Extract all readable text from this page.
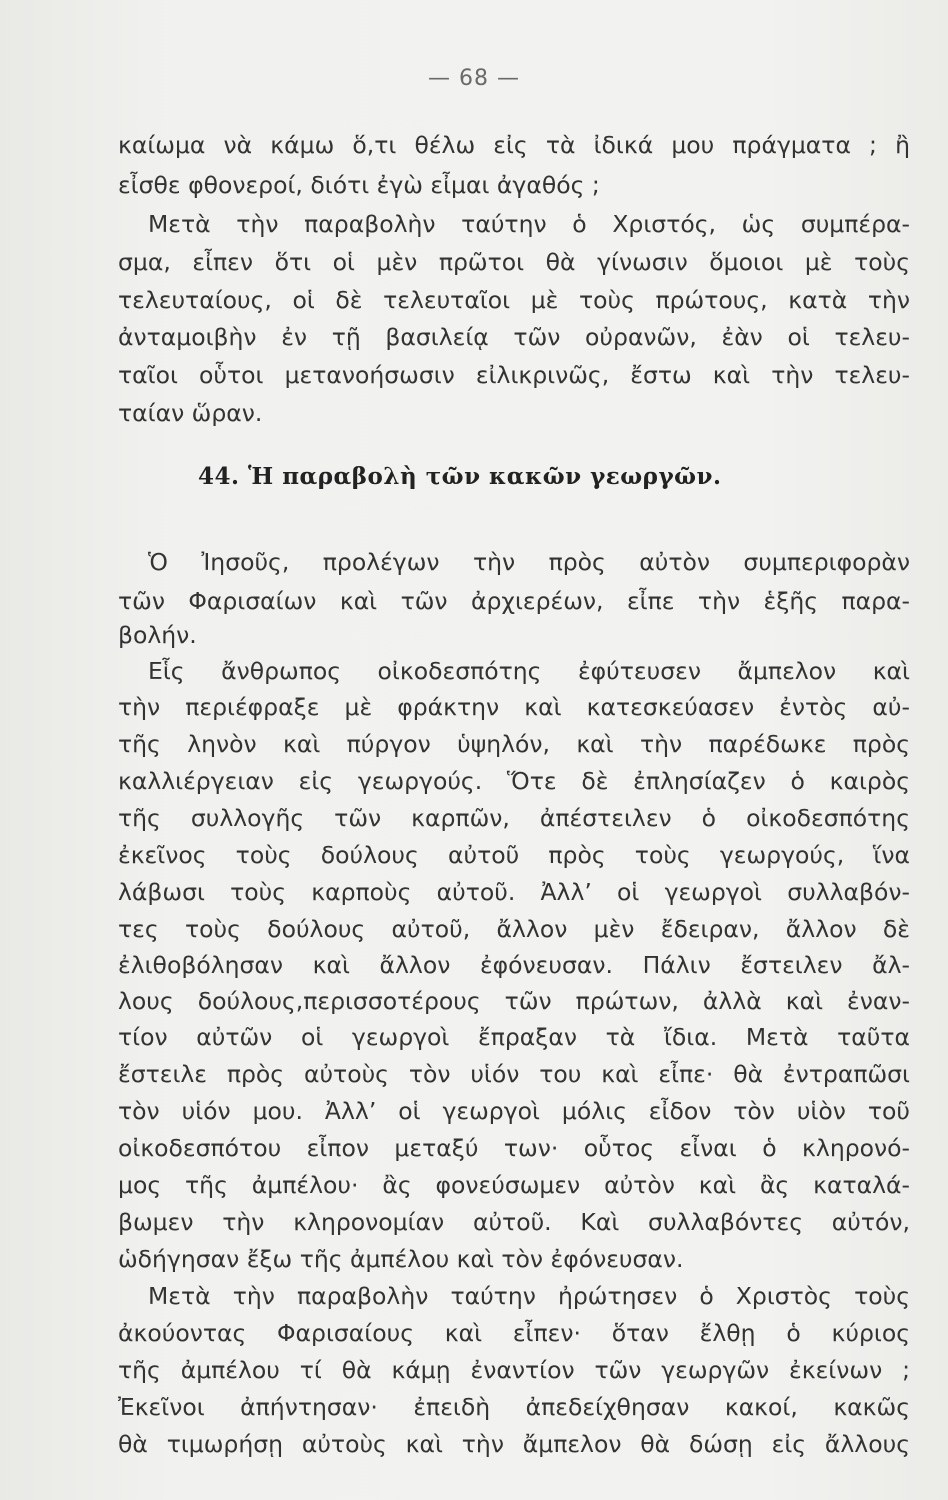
— 68 —
καίωμα νὰ κάμω ὅ,τι θέλω εἰς τὰ ἰδικά μου πράγματα ; ἢ
εἶσθε φθονεροί, διότι ἐγὼ εἶμαι ἀγαθός ;
Μετὰ τὴν παραβολὴν ταύτην ὁ Χριστός, ὡς συμπέρα-
σμα, εἶπεν ὅτι οἱ μὲν πρῶτοι θὰ γίνωσιν ὅμοιοι μὲ τοὺς
τελευταίους, οἱ δὲ τελευταῖοι μὲ τοὺς πρώτους, κατὰ τὴν
ἀνταμοιβὴν ἐν τῇ βασιλείᾳ τῶν οὐρανῶν, ἐὰν οἱ τελευ-
ταῖοι οὗτοι μετανοήσωσιν εἰλικρινῶς, ἔστω καὶ τὴν τελευ-
ταίαν ὥραν.
44. Ἡ παραβολὴ τῶν κακῶν γεωργῶν.
Ὁ Ἰησοῦς, προλέγων τὴν πρὸς αὐτὸν συμπεριφορὰν
τῶν Φαρισαίων καὶ τῶν ἀρχιερέων, εἶπε τὴν ἑξῆς παρα-
βολήν.
Εἷς ἄνθρωπος οἰκοδεσπότης ἐφύτευσεν ἄμπελον καὶ
τὴν περιέφραξε μὲ φράκτην καὶ κατεσκεύασεν ἐντὸς αὐ-
τῆς ληνὸν καὶ πύργον ὑψηλόν, καὶ τὴν παρέδωκε πρὸς
καλλιέργειαν εἰς γεωργούς. Ὅτε δὲ ἐπλησίαζεν ὁ καιρὸς
τῆς συλλογῆς τῶν καρπῶν, ἀπέστειλεν ὁ οἰκοδεσπότης
ἐκεῖνος τοὺς δούλους αὐτοῦ πρὸς τοὺς γεωργούς, ἵνα
λάβωσι τοὺς καρποὺς αὐτοῦ. Ἀλλ’ οἱ γεωργοὶ συλλαβόν-
τες τοὺς δούλους αὐτοῦ, ἄλλον μὲν ἔδειραν, ἄλλον δὲ
ἐλιθοβόλησαν καὶ ἄλλον ἐφόνευσαν. Πάλιν ἔστειλεν ἄλ-
λους δούλους,περισσοτέρους τῶν πρώτων, ἀλλὰ καὶ ἐναν-
τίον αὐτῶν οἱ γεωργοὶ ἔπραξαν τὰ ἴδια. Μετὰ ταῦτα
ἔστειλε πρὸς αὐτοὺς τὸν υἱόν του καὶ εἶπε· θὰ ἐντραπῶσι
τὸν υἱόν μου. Ἀλλ’ οἱ γεωργοὶ μόλις εἶδον τὸν υἱὸν τοῦ
οἰκοδεσπότου εἶπον μεταξύ των· οὗτος εἶναι ὁ κληρονό-
μος τῆς ἀμπέλου· ἂς φονεύσωμεν αὐτὸν καὶ ἂς καταλά-
βωμεν τὴν κληρονομίαν αὐτοῦ. Καὶ συλλαβόντες αὐτόν,
ὡδήγησαν ἔξω τῆς ἀμπέλου καὶ τὸν ἐφόνευσαν.
Μετὰ τὴν παραβολὴν ταύτην ἠρώτησεν ὁ Χριστὸς τοὺς
ἀκούοντας Φαρισαίους καὶ εἶπεν· ὅταν ἔλθῃ ὁ κύριος
τῆς ἀμπέλου τί θὰ κάμῃ ἐναντίον τῶν γεωργῶν ἐκείνων ;
Ἐκεῖνοι ἀπήντησαν· ἐπειδὴ ἀπεδείχθησαν κακοί, κακῶς
θὰ τιμωρήσῃ αὐτοὺς καὶ τὴν ἄμπελον θὰ δώσῃ εἰς ἄλλους
